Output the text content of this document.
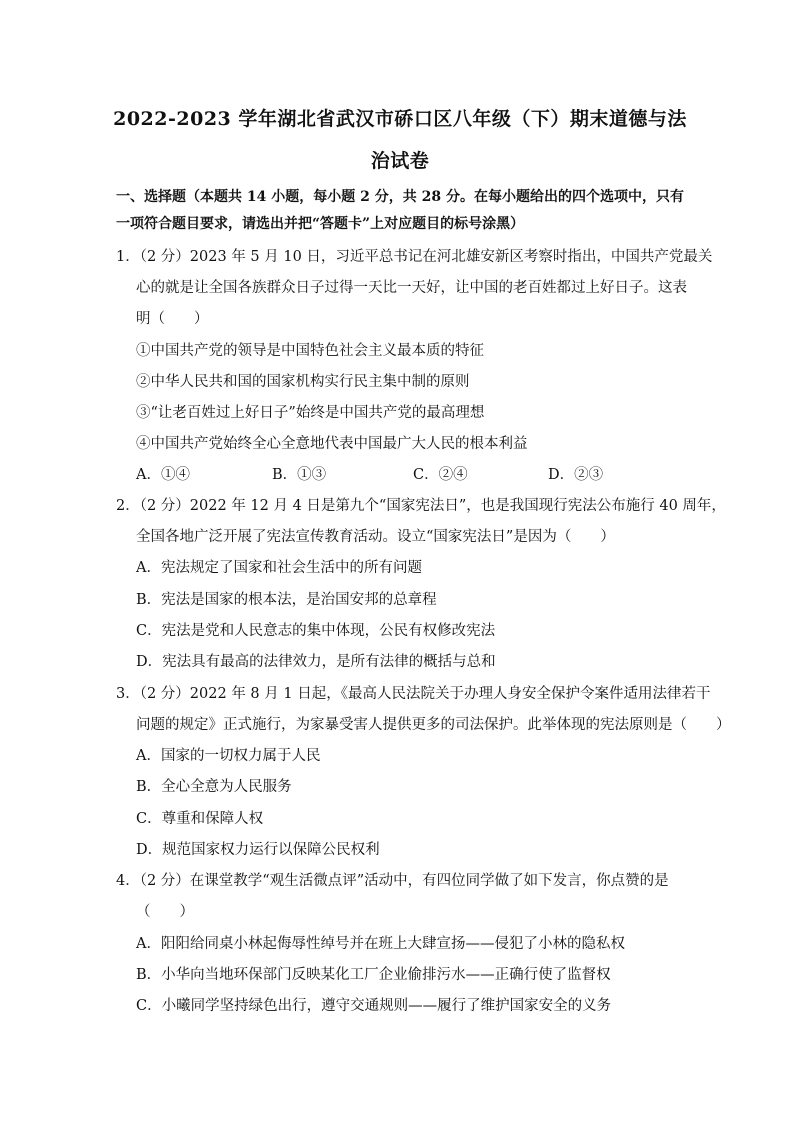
2022-2023 学年湖北省武汉市硚口区八年级（下）期末道德与法
治试卷
一、选择题（本题共 14 小题，每小题 2 分，共 28 分。在每小题给出的四个选项中，只有
一项符合题目要求，请选出并把“答题卡”上对应题目的标号涂黑）
1．（2 分）2023 年 5 月 10 日，习近平总书记在河北雄安新区考察时指出，中国共产党最关
心的就是让全国各族群众日子过得一天比一天好，让中国的老百姓都过上好日子。这表
明（　　）
①中国共产党的领导是中国特色社会主义最本质的特征
②中华人民共和国的国家机构实行民主集中制的原则
③“让老百姓过上好日子”始终是中国共产党的最高理想
④中国共产党始终全心全意地代表中国最广大人民的根本利益
A．①④	B．①③	C．②④	D．②③
2．（2 分）2022 年 12 月 4 日是第九个“国家宪法日”，也是我国现行宪法公布施行 40 周年，
全国各地广泛开展了宪法宣传教育活动。设立“国家宪法日”是因为（　　）
A．宪法规定了国家和社会生活中的所有问题
B．宪法是国家的根本法，是治国安邦的总章程
C．宪法是党和人民意志的集中体现，公民有权修改宪法
D．宪法具有最高的法律效力，是所有法律的概括与总和
3．（2 分）2022 年 8 月 1 日起，《最高人民法院关于办理人身安全保护令案件适用法律若干
问题的规定》正式施行，为家暴受害人提供更多的司法保护。此举体现的宪法原则是（　　）
A．国家的一切权力属于人民
B．全心全意为人民服务
C．尊重和保障人权
D．规范国家权力运行以保障公民权利
4．（2 分）在课堂教学“观生活微点评”活动中，有四位同学做了如下发言，你点赞的是
（　　）
A．阳阳给同桌小林起侮辱性绰号并在班上大肆宣扬——侵犯了小林的隐私权
B．小华向当地环保部门反映某化工厂企业偷排污水——正确行使了监督权
C．小曦同学坚持绿色出行，遵守交通规则——履行了维护国家安全的义务
